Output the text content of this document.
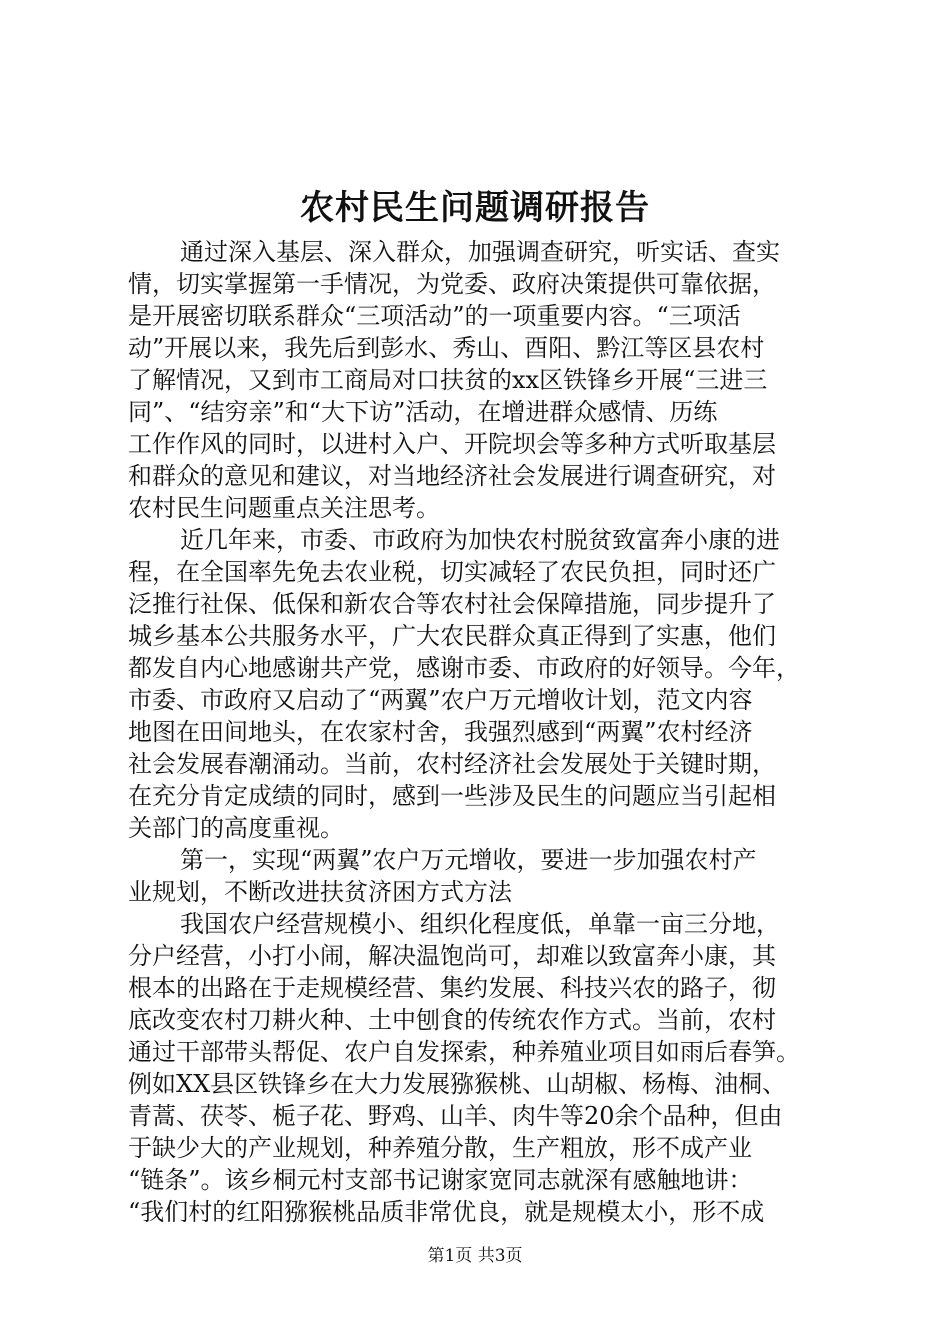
农村民生问题调研报告
通过深入基层、深入群众，加强调查研究，听实话、查实
情，切实掌握第一手情况，为党委、政府决策提供可靠依据，
是开展密切联系群众“三项活动”的一项重要内容。“三项活
动”开展以来，我先后到彭水、秀山、酉阳、黔江等区县农村
了解情况，又到市工商局对口扶贫的xx区铁锋乡开展“三进三
同”、“结穷亲”和“大下访”活动，在增进群众感情、历练
工作作风的同时，以进村入户、开院坝会等多种方式听取基层
和群众的意见和建议，对当地经济社会发展进行调查研究，对
农村民生问题重点关注思考。
近几年来，市委、市政府为加快农村脱贫致富奔小康的进
程，在全国率先免去农业税，切实减轻了农民负担，同时还广
泛推行社保、低保和新农合等农村社会保障措施，同步提升了
城乡基本公共服务水平，广大农民群众真正得到了实惠，他们
都发自内心地感谢共产党，感谢市委、市政府的好领导。今年，
市委、市政府又启动了“两翼”农户万元增收计划，范文内容
地图在田间地头，在农家村舍，我强烈感到“两翼”农村经济
社会发展春潮涌动。当前，农村经济社会发展处于关键时期，
在充分肯定成绩的同时，感到一些涉及民生的问题应当引起相
关部门的高度重视。
第一，实现“两翼”农户万元增收，要进一步加强农村产
业规划，不断改进扶贫济困方式方法
我国农户经营规模小、组织化程度低，单靠一亩三分地，
分户经营，小打小闹，解决温饱尚可，却难以致富奔小康，其
根本的出路在于走规模经营、集约发展、科技兴农的路子，彻
底改变农村刀耕火种、土中刨食的传统农作方式。当前，农村
通过干部带头帮促、农户自发探索，种养殖业项目如雨后春笋。
例如XX县区铁锋乡在大力发展猕猴桃、山胡椒、杨梅、油桐、
青蒿、茯苓、栀子花、野鸡、山羊、肉牛等20余个品种，但由
于缺少大的产业规划，种养殖分散，生产粗放，形不成产业
“链条”。该乡桐元村支部书记谢家宽同志就深有感触地讲：
“我们村的红阳猕猴桃品质非常优良，就是规模太小，形不成
第1页 共3页
